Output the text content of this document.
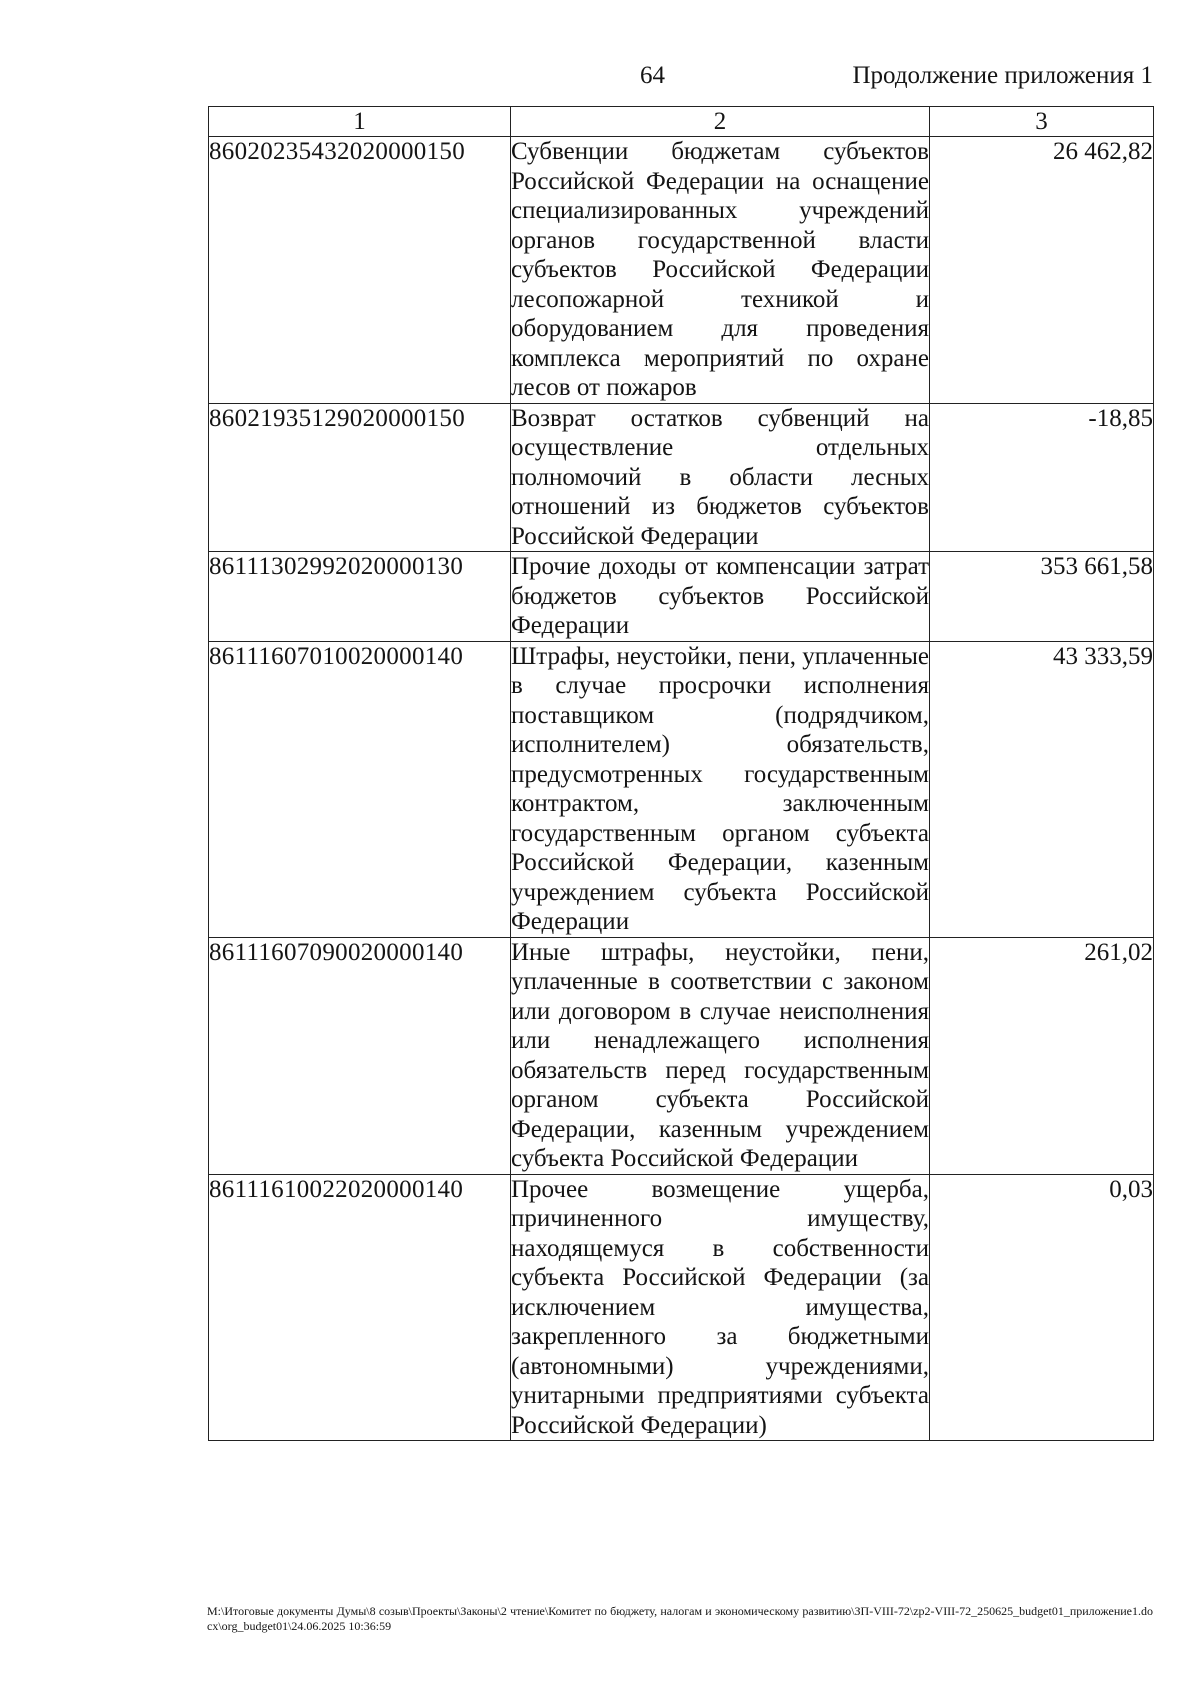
64	Продолжение приложения 1
1	2	3
86020235432020000150	Субвенции бюджетам субъектов Российской Федерации на оснащение специализированных учреждений органов государственной власти субъектов Российской Федерации лесопожарной техникой и оборудованием для проведения комплекса мероприятий по охране лесов от пожаров	26 462,82
86021935129020000150	Возврат остатков субвенций на осуществление отдельных полномочий в области лесных отношений из бюджетов субъектов Российской Федерации	-18,85
86111302992020000130	Прочие доходы от компенсации затрат бюджетов субъектов Российской Федерации	353 661,58
86111607010020000140	Штрафы, неустойки, пени, уплаченные в случае просрочки исполнения поставщиком (подрядчиком, исполнителем) обязательств, предусмотренных государственным контрактом, заключенным государственным органом субъекта Российской Федерации, казенным учреждением субъекта Российской Федерации	43 333,59
86111607090020000140	Иные штрафы, неустойки, пени, уплаченные в соответствии с законом или договором в случае неисполнения или ненадлежащего исполнения обязательств перед государственным органом субъекта Российской Федерации, казенным учреждением субъекта Российской Федерации	261,02
86111610022020000140	Прочее возмещение ущерба, причиненного имуществу, находящемуся в собственности субъекта Российской Федерации (за исключением имущества, закрепленного за бюджетными (автономными) учреждениями, унитарными предприятиями субъекта Российской Федерации)	0,03
M:\Итоговые документы Думы\8 созыв\Проекты\Законы\2 чтение\Комитет по бюджету, налогам и экономическому развитию\ЗП-VIII-72\zp2-VIII-72_250625_budget01_приложение1.docx\org_budget01\24.06.2025 10:36:59
